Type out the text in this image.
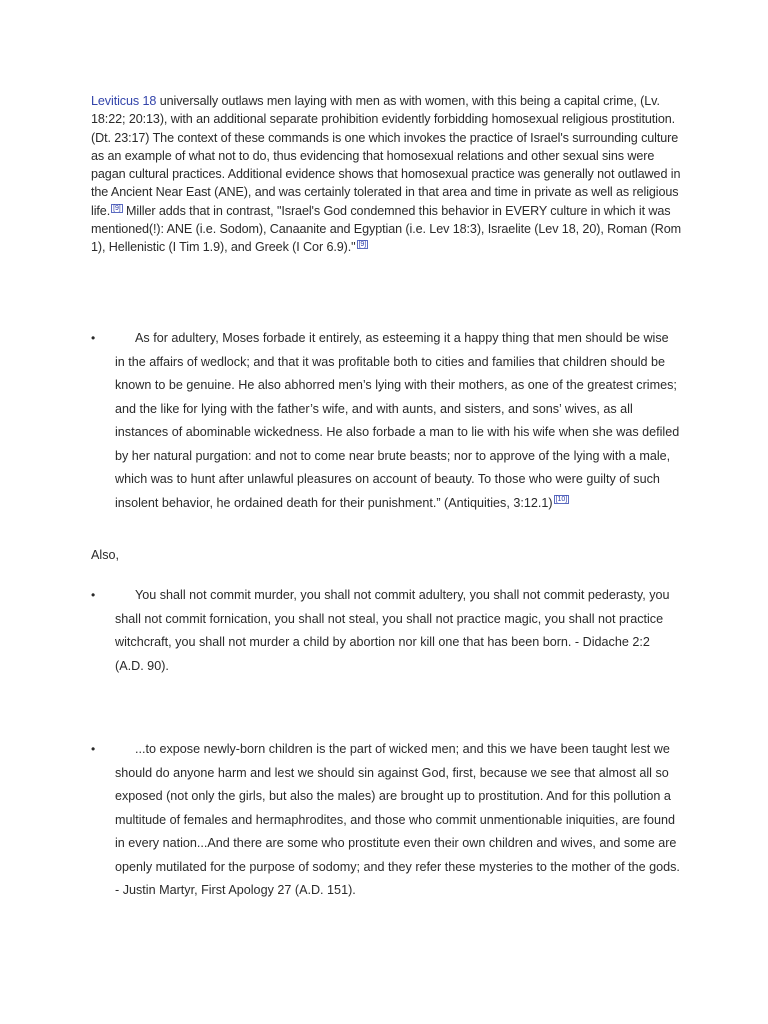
Leviticus 18 universally outlaws men laying with men as with women, with this being a capital crime, (Lv. 18:22; 20:13), with an additional separate prohibition evidently forbidding homosexual religious prostitution. (Dt. 23:17) The context of these commands is one which invokes the practice of Israel's surrounding culture as an example of what not to do, thus evidencing that homosexual relations and other sexual sins were pagan cultural practices. Additional evidence shows that homosexual practice was generally not outlawed in the Ancient Near East (ANE), and was certainly tolerated in that area and time in private as well as religious life. [9] Miller adds that in contrast, "Israel's God condemned this behavior in EVERY culture in which it was mentioned(!): ANE (i.e. Sodom), Canaanite and Egyptian (i.e. Lev 18:3), Israelite (Lev 18, 20), Roman (Rom 1), Hellenistic (I Tim 1.9), and Greek (I Cor 6.9)." [9]

•	As for adultery, Moses forbade it entirely, as esteeming it a happy thing that men should be wise in the affairs of wedlock; and that it was profitable both to cities and families that children should be known to be genuine. He also abhorred men’s lying with their mothers, as one of the greatest crimes; and the like for lying with the father’s wife, and with aunts, and sisters, and sons’ wives, as all instances of abominable wickedness. He also forbade a man to lie with his wife when she was defiled by her natural purgation: and not to come near brute beasts; nor to approve of the lying with a male, which was to hunt after unlawful pleasures on account of beauty. To those who were guilty of such insolent behavior, he ordained death for their punishment.” (Antiquities, 3:12.1) [10]

Also,

•	You shall not commit murder, you shall not commit adultery, you shall not commit pederasty, you shall not commit fornication, you shall not steal, you shall not practice magic, you shall not practice witchcraft, you shall not murder a child by abortion nor kill one that has been born. - Didache 2:2 (A.D. 90).

•	...to expose newly-born children is the part of wicked men; and this we have been taught lest we should do anyone harm and lest we should sin against God, first, because we see that almost all so exposed (not only the girls, but also the males) are brought up to prostitution. And for this pollution a multitude of females and hermaphrodites, and those who commit unmentionable iniquities, are found in every nation...And there are some who prostitute even their own children and wives, and some are openly mutilated for the purpose of sodomy; and they refer these mysteries to the mother of the gods. - Justin Martyr, First Apology 27 (A.D. 151).
